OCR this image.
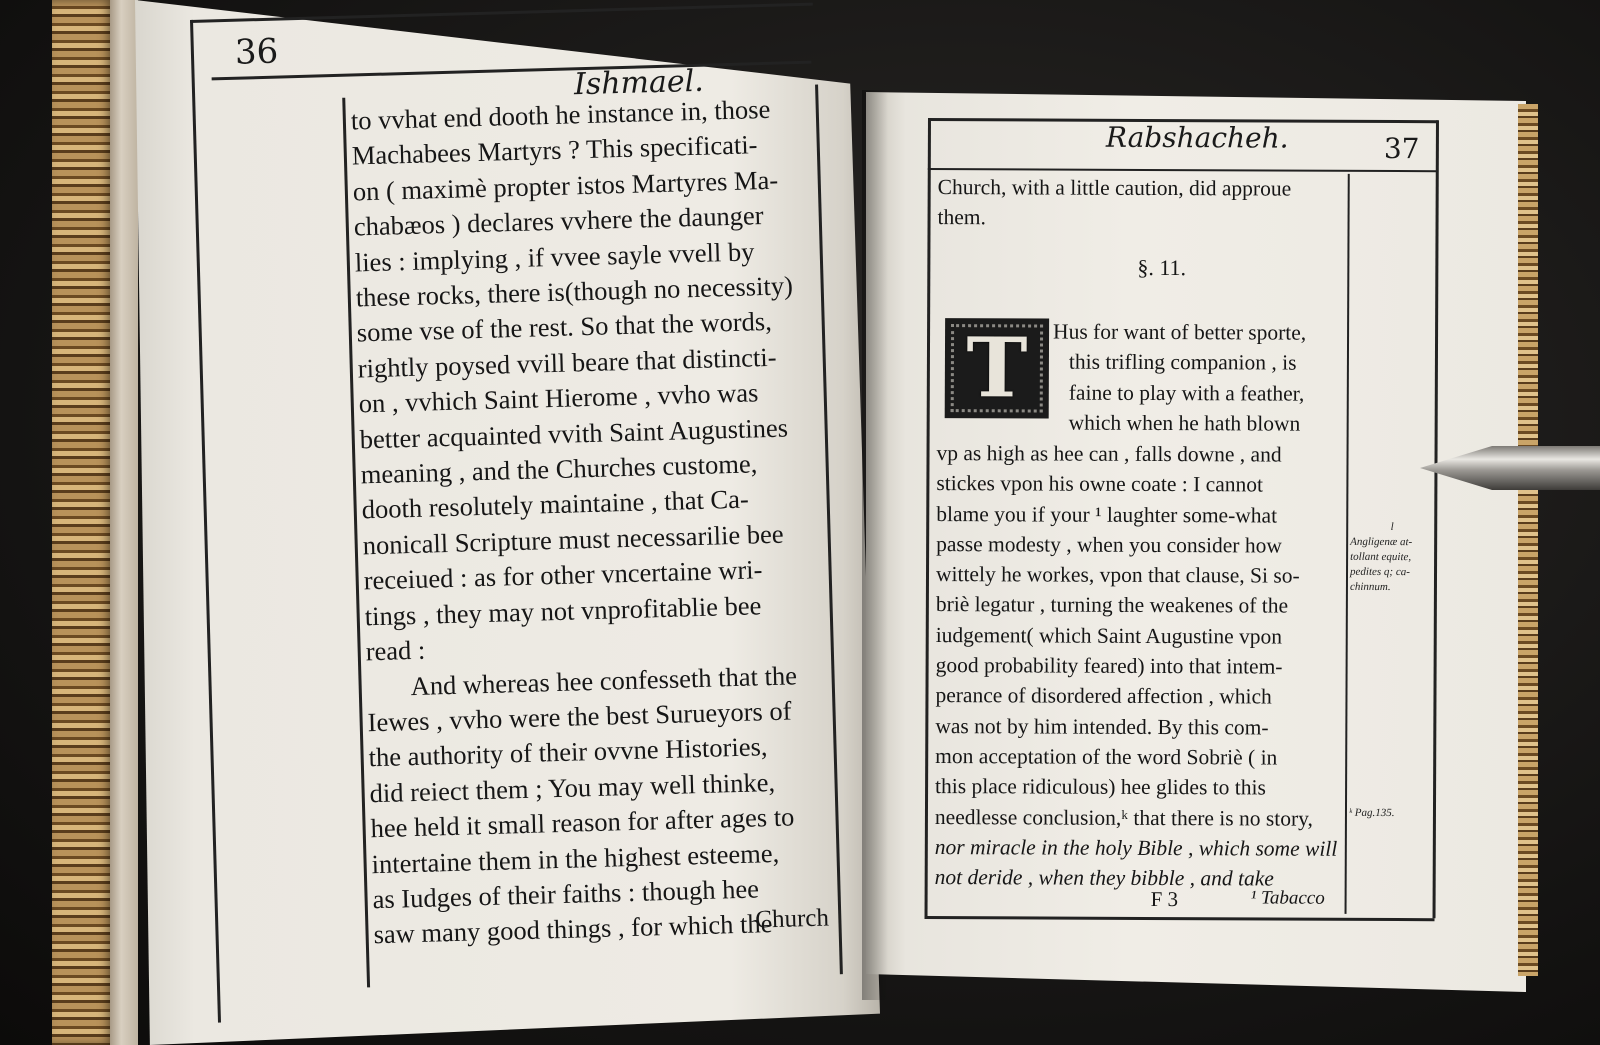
36
Ishmael.
to vvhat end dooth he instance in, those
Machabees Martyrs ? This specificati-
on ( maximè propter istos Martyres Ma-
chabæos ) declares vvhere the daunger
lies : implying , if vvee sayle vvell by
these rocks, there is(though no necessity)
some vse of the rest. So that the words,
rightly poysed vvill beare that distincti-
on , vvhich Saint Hierome , vvho was
better acquainted vvith Saint Augustines
meaning , and the Churches custome,
dooth resolutely maintaine , that Ca-
nonicall Scripture must necessarilie bee
receiued : as for other vncertaine wri-
tings , they may not vnprofitablie bee
read :
And whereas hee confesseth that the
Iewes , vvho were the best Surueyors of
the authority of their ovvne Histories,
did reiect them ; You may well thinke,
hee held it small reason for after ages to
intertaine them in the highest esteeme,
as Iudges of their faiths : though hee
saw many good things , for which the
Church
Rabshacheh.	37
Church, with a little caution, did approue
them.
§. 11.
T Hus for want of better sporte,
this trifling companion , is
faine to play with a feather,
which when he hath blown
vp as high as hee can , falls downe , and
stickes vpon his owne coate : I cannot
blame you if your ¹ laughter some-what
passe modesty , when you consider how
wittely he workes, vpon that clause, Si so-
briè legatur , turning the weakenes of the
iudgement( which Saint Augustine vpon
good probability feared) into that intem-
perance of disordered affection , which
was not by him intended. By this com-
mon acceptation of the word Sobriè ( in
this place ridiculous) hee glides to this
needlesse conclusion,ᵏ that there is no story,
nor miracle in the holy Bible , which some will
not deride , when they bibble , and take
l
Angligenæ at-
tollant equite,
pedites q; ca-
chinnum.
ᵏ Pag.135.
F 3	¹ Tabacco
